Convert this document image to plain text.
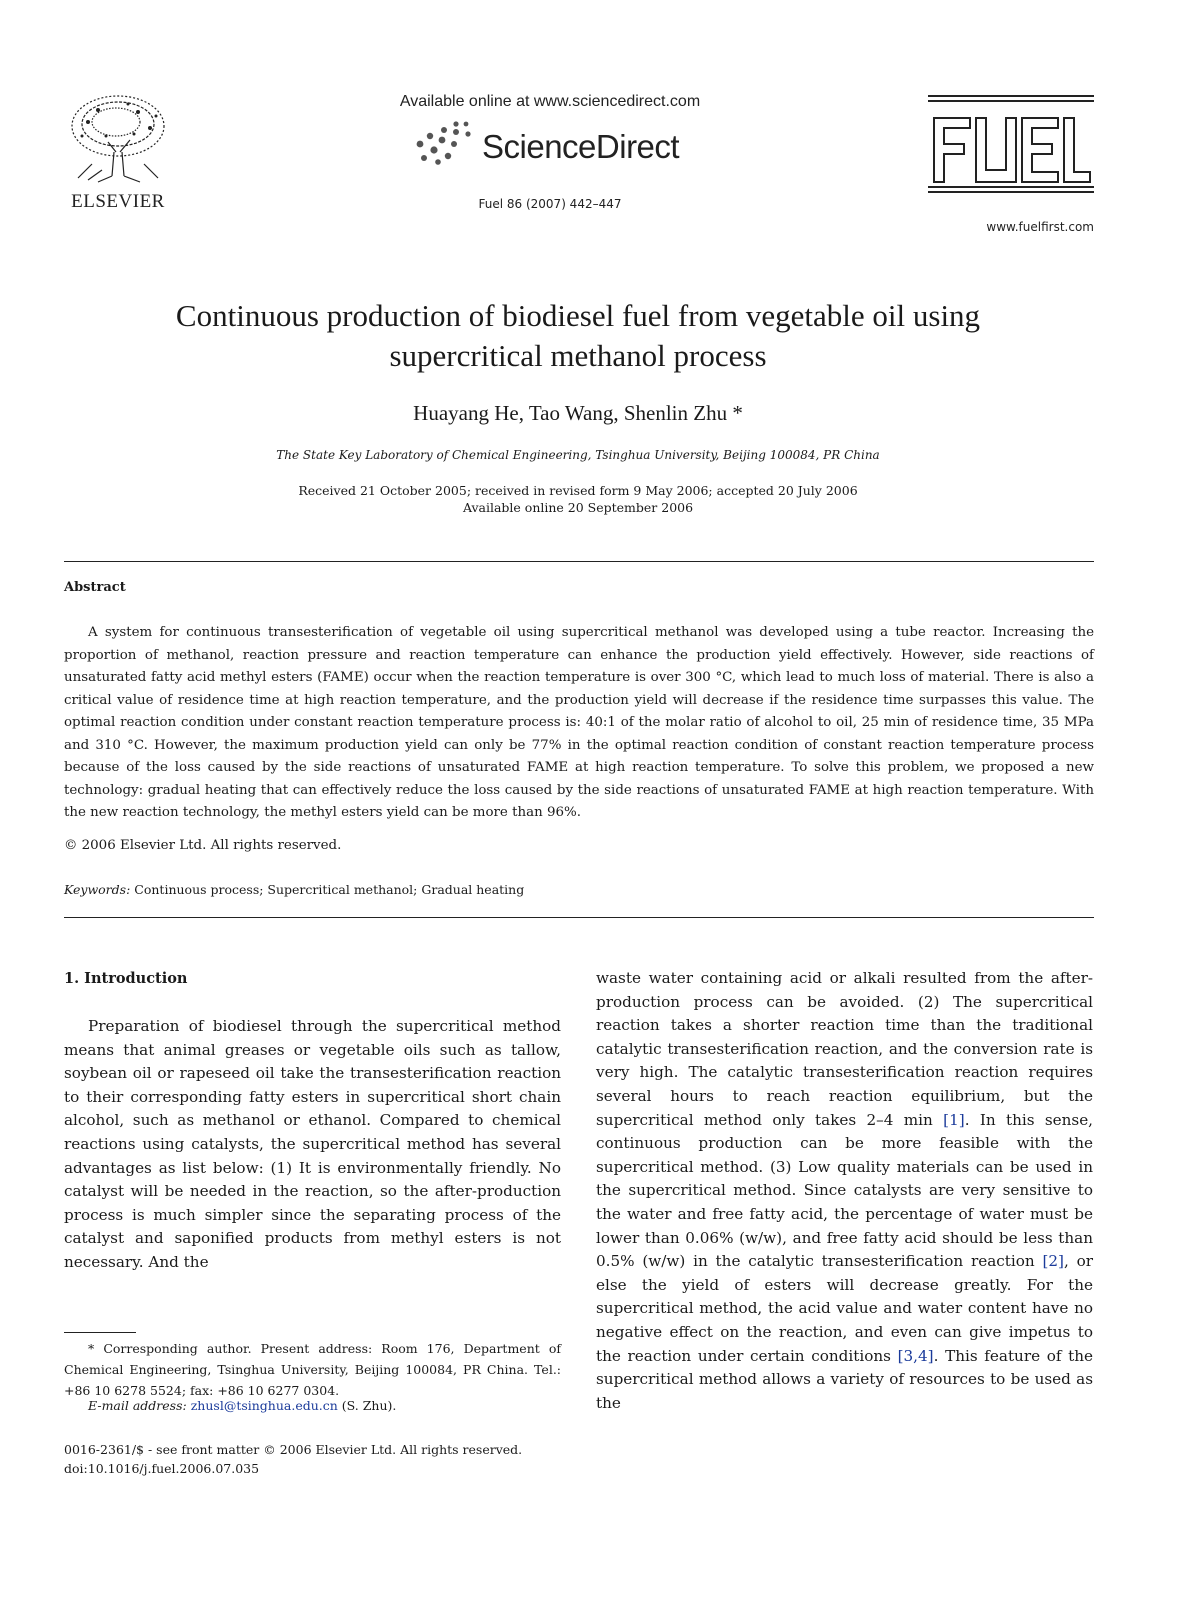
ELSEVIER
Available online at www.sciencedirect.com
ScienceDirect
Fuel 86 (2007) 442–447
FUEL
www.fuelfirst.com
Continuous production of biodiesel fuel from vegetable oil using supercritical methanol process
Huayang He, Tao Wang, Shenlin Zhu *
The State Key Laboratory of Chemical Engineering, Tsinghua University, Beijing 100084, PR China
Received 21 October 2005; received in revised form 9 May 2006; accepted 20 July 2006
Available online 20 September 2006
Abstract
A system for continuous transesterification of vegetable oil using supercritical methanol was developed using a tube reactor. Increasing the proportion of methanol, reaction pressure and reaction temperature can enhance the production yield effectively. However, side reactions of unsaturated fatty acid methyl esters (FAME) occur when the reaction temperature is over 300 °C, which lead to much loss of material. There is also a critical value of residence time at high reaction temperature, and the production yield will decrease if the residence time surpasses this value. The optimal reaction condition under constant reaction temperature process is: 40:1 of the molar ratio of alcohol to oil, 25 min of residence time, 35 MPa and 310 °C. However, the maximum production yield can only be 77% in the optimal reaction condition of constant reaction temperature process because of the loss caused by the side reactions of unsaturated FAME at high reaction temperature. To solve this problem, we proposed a new technology: gradual heating that can effectively reduce the loss caused by the side reactions of unsaturated FAME at high reaction temperature. With the new reaction technology, the methyl esters yield can be more than 96%.
© 2006 Elsevier Ltd. All rights reserved.
Keywords: Continuous process; Supercritical methanol; Gradual heating
1. Introduction
Preparation of biodiesel through the supercritical method means that animal greases or vegetable oils such as tallow, soybean oil or rapeseed oil take the transesterification reaction to their corresponding fatty esters in supercritical short chain alcohol, such as methanol or ethanol. Compared to chemical reactions using catalysts, the supercritical method has several advantages as list below: (1) It is environmentally friendly. No catalyst will be needed in the reaction, so the after-production process is much simpler since the separating process of the catalyst and saponified products from methyl esters is not necessary. And the
waste water containing acid or alkali resulted from the after-production process can be avoided. (2) The supercritical reaction takes a shorter reaction time than the traditional catalytic transesterification reaction, and the conversion rate is very high. The catalytic transesterification reaction requires several hours to reach reaction equilibrium, but the supercritical method only takes 2–4 min [1]. In this sense, continuous production can be more feasible with the supercritical method. (3) Low quality materials can be used in the supercritical method. Since catalysts are very sensitive to the water and free fatty acid, the percentage of water must be lower than 0.06% (w/w), and free fatty acid should be less than 0.5% (w/w) in the catalytic transesterification reaction [2], or else the yield of esters will decrease greatly. For the supercritical method, the acid value and water content have no negative effect on the reaction, and even can give impetus to the reaction under certain conditions [3,4]. This feature of the supercritical method allows a variety of resources to be used as the
* Corresponding author. Present address: Room 176, Department of Chemical Engineering, Tsinghua University, Beijing 100084, PR China. Tel.: +86 10 6278 5524; fax: +86 10 6277 0304.
E-mail address: zhusl@tsinghua.edu.cn (S. Zhu).
0016-2361/$ - see front matter © 2006 Elsevier Ltd. All rights reserved.
doi:10.1016/j.fuel.2006.07.035
